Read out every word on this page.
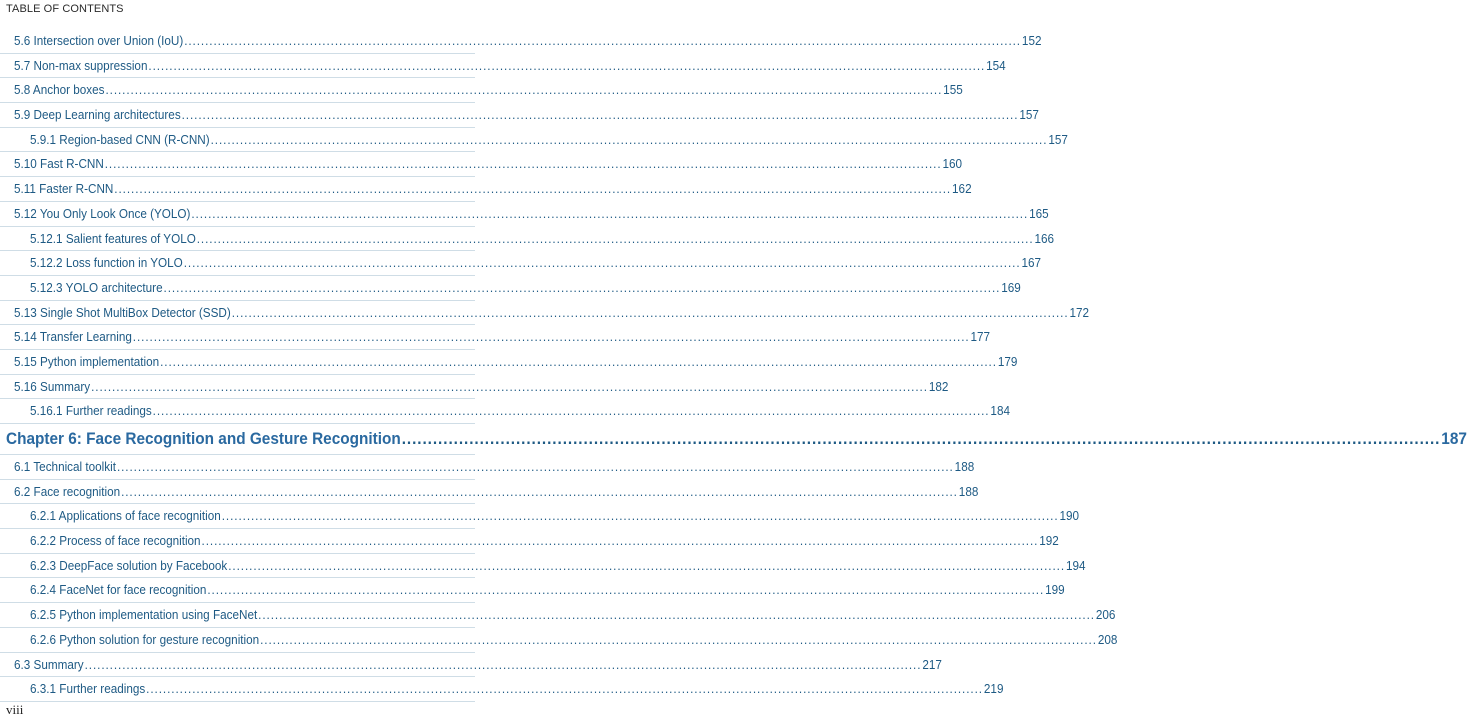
TABLE OF CONTENTS
5.6 Intersection over Union (IoU) ........................................................................................................................................................................................................ 152
5.7 Non-max suppression ........................................................................................................................................................................................................ 154
5.8 Anchor boxes ........................................................................................................................................................................................................ 155
5.9 Deep Learning architectures ........................................................................................................................................................................................................ 157
5.9.1 Region-based CNN (R-CNN) ........................................................................................................................................................................................................ 157
5.10 Fast R-CNN ........................................................................................................................................................................................................ 160
5.11 Faster R-CNN ........................................................................................................................................................................................................ 162
5.12 You Only Look Once (YOLO) ........................................................................................................................................................................................................ 165
5.12.1 Salient features of YOLO ........................................................................................................................................................................................................ 166
5.12.2 Loss function in YOLO ........................................................................................................................................................................................................ 167
5.12.3 YOLO architecture ........................................................................................................................................................................................................ 169
5.13 Single Shot MultiBox Detector (SSD) ........................................................................................................................................................................................................ 172
5.14 Transfer Learning ........................................................................................................................................................................................................ 177
5.15 Python implementation ........................................................................................................................................................................................................ 179
5.16 Summary ........................................................................................................................................................................................................ 182
5.16.1 Further readings ........................................................................................................................................................................................................ 184
Chapter 6: Face Recognition and Gesture Recognition ........................................................................................................................................................................................................ 187
6.1 Technical toolkit ........................................................................................................................................................................................................ 188
6.2 Face recognition ........................................................................................................................................................................................................ 188
6.2.1 Applications of face recognition ........................................................................................................................................................................................................ 190
6.2.2 Process of face recognition ........................................................................................................................................................................................................ 192
6.2.3 DeepFace solution by Facebook ........................................................................................................................................................................................................ 194
6.2.4 FaceNet for face recognition ........................................................................................................................................................................................................ 199
6.2.5 Python implementation using FaceNet ........................................................................................................................................................................................................ 206
6.2.6 Python solution for gesture recognition ........................................................................................................................................................................................................ 208
6.3 Summary ........................................................................................................................................................................................................ 217
6.3.1 Further readings ........................................................................................................................................................................................................ 219
viii
